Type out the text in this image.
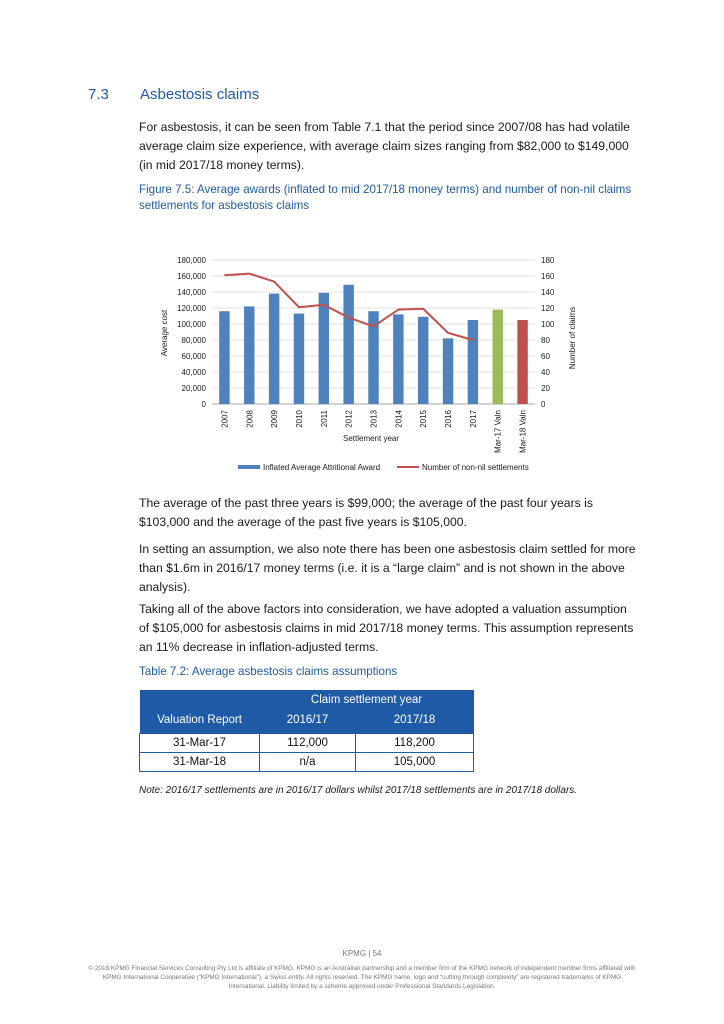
7.3 Asbestosis claims

For asbestosis, it can be seen from Table 7.1 that the period since 2007/08 has had volatile average claim size experience, with average claim sizes ranging from $82,000 to $149,000 (in mid 2017/18 money terms).

Figure 7.5: Average awards (inflated to mid 2017/18 money terms) and number of non-nil claims settlements for asbestosis claims

0
20,000
40,000
60,000
80,000
100,000
120,000
140,000
160,000
180,000
0
20
40
60
80
100
120
140
160
180
2007 2008 2009 2010 2011 2012 2013 2014 2015 2016 2017 Mar-17 Valn Mar-18 Valn
Average cost	Number of claims
Settlement year
Inflated Average Attritional Award	Number of non-nil settlements

The average of the past three years is $99,000; the average of the past four years is $103,000 and the average of the past five years is $105,000.

In setting an assumption, we also note there has been one asbestosis claim settled for more than $1.6m in 2016/17 money terms (i.e. it is a “large claim” and is not shown in the above analysis).

Taking all of the above factors into consideration, we have adopted a valuation assumption of $105,000 for asbestosis claims in mid 2017/18 money terms. This assumption represents an 11% decrease in inflation-adjusted terms.

Table 7.2: Average asbestosis claims assumptions

	Claim settlement year	
Valuation Report	2016/17	2017/18
31-Mar-17	112,000	118,200
31-Mar-18	n/a	105,000

Note: 2016/17 settlements are in 2016/17 dollars whilst 2017/18 settlements are in 2017/18 dollars.

KPMG | 54
© 2018 KPMG Financial Services Consulting Pty Ltd is affiliate of KPMG. KPMG is an Australian partnership and a member firm of the KPMG network of independent member firms affiliated with KPMG International Cooperative (“KPMG International”), a Swiss entity. All rights reserved. The KPMG name, logo and “cutting through complexity” are registered trademarks of KPMG International. Liability limited by a scheme approved under Professional Standards Legislation.
